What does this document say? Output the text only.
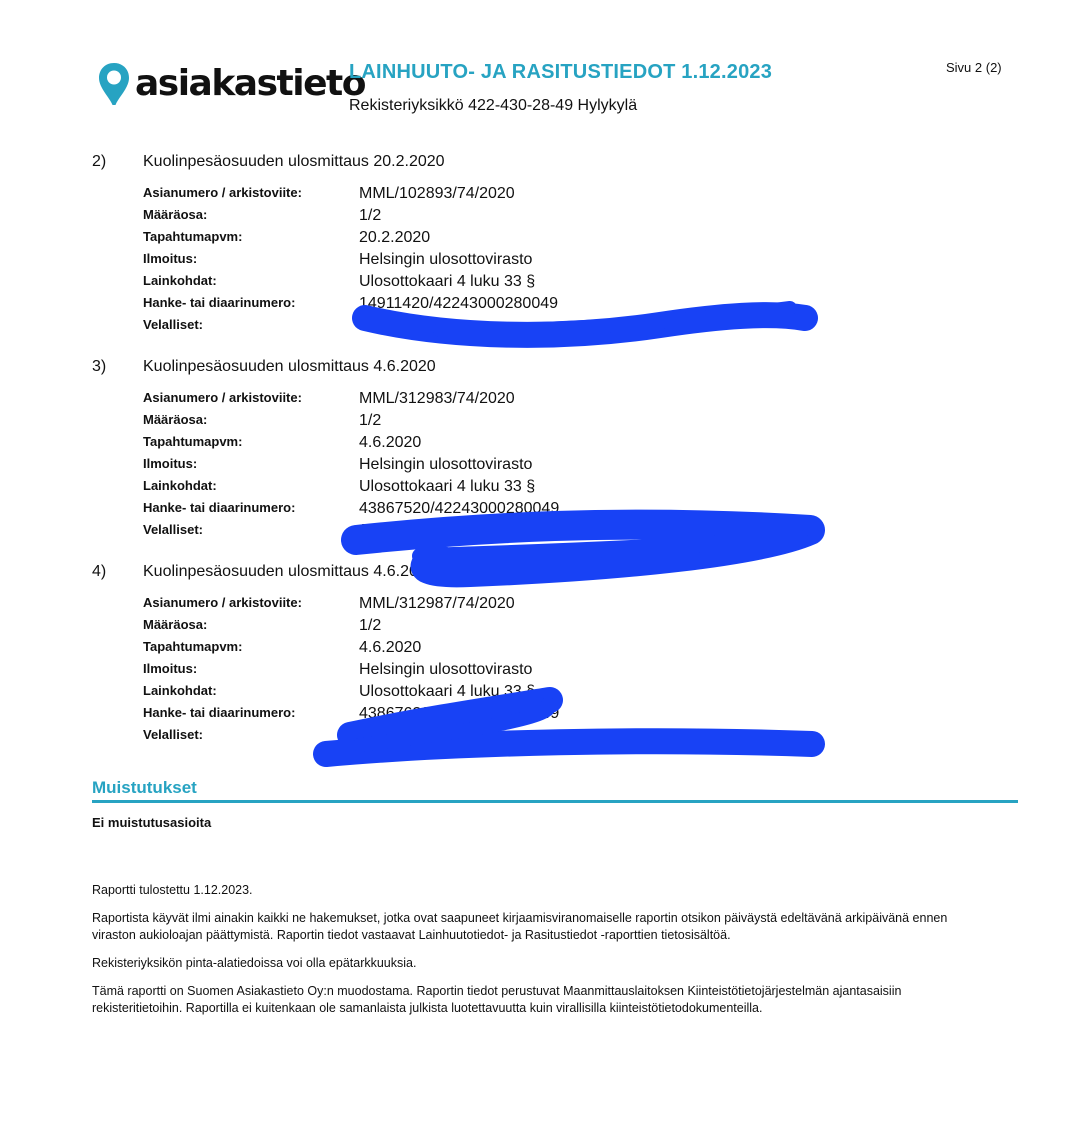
asiakastieto
LAINHUUTO- JA RASITUSTIEDOT 1.12.2023
Rekisteriyksikkö 422-430-28-49 Hylykylä
Sivu 2 (2)
2) Kuolinpesäosuuden ulosmittaus 20.2.2020
Asianumero / arkistoviite:	MML/102893/74/2020
Määräosa:	1/2
Tapahtumapvm:	20.2.2020
Ilmoitus:	Helsingin ulosottovirasto
Lainkohdat:	Ulosottokaari 4 luku 33 §
Hanke- tai diaarinumero:	14911420/42243000280049
Velalliset:	Ju
3) Kuolinpesäosuuden ulosmittaus 4.6.2020
Asianumero / arkistoviite:	MML/312983/74/2020
Määräosa:	1/2
Tapahtumapvm:	4.6.2020
Ilmoitus:	Helsingin ulosottovirasto
Lainkohdat:	Ulosottokaari 4 luku 33 §
Hanke- tai diaarinumero:	43867520/42243000280049
Velalliset:	Ju
4) Kuolinpesäosuuden ulosmittaus 4.6.20
Asianumero / arkistoviite:	MML/312987/74/2020
Määräosa:	1/2
Tapahtumapvm:	4.6.2020
Ilmoitus:	Helsingin ulosottovirasto
Lainkohdat:	Ulosottokaari 4 luku 33 §
Hanke- tai diaarinumero:	43867620/42243000280049
Velalliset:
Muistutukset
Ei muistutusasioita
Raportti tulostettu 1.12.2023.
Raportista käyvät ilmi ainakin kaikki ne hakemukset, jotka ovat saapuneet kirjaamisviranomaiselle raportin otsikon päiväystä edeltävänä arkipäivänä ennen viraston aukioloajan päättymistä. Raportin tiedot vastaavat Lainhuutotiedot- ja Rasitustiedot -raporttien tietosisältöä.
Rekisteriyksikön pinta-alatiedoissa voi olla epätarkkuuksia.
Tämä raportti on Suomen Asiakastieto Oy:n muodostama. Raportin tiedot perustuvat Maanmittauslaitoksen Kiinteistötietojärjestelmän ajantasaisiin rekisteritietoihin. Raportilla ei kuitenkaan ole samanlaista julkista luotettavuutta kuin virallisilla kiinteistötietodokumenteilla.
